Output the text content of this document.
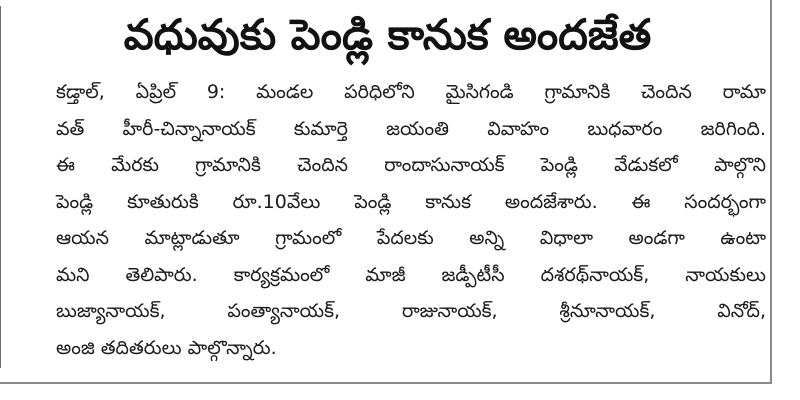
వధువుకు పెండ్లి కానుక అందజేత
కడ్తాల్, ఏప్రిల్ 9: మండల పరిధిలోని మైసిగండి గ్రామానికి చెందిన రామా
వత్ హీరీ-చిన్నానాయక్ కుమార్తె జయంతి వివాహం బుధవారం జరిగింది.
ఈ మేరకు గ్రామానికి చెందిన రాందాసునాయక్ పెండ్లి వేడుకలో పాల్గొని
పెండ్లి కూతురుకి రూ.10వేలు పెండ్లి కానుక అందజేశారు. ఈ సందర్భంగా
ఆయన మాట్లాడుతూ గ్రామంలో పేదలకు అన్ని విధాలా అండగా ఉంటా
మని తెలిపారు. కార్యక్రమంలో మాజీ జడ్పీటీసీ దశరథ్‌నాయక్, నాయకులు
బుజ్యానాయక్, పంత్యానాయక్, రాజునాయక్, శ్రీనూనాయక్, వినోద్,
అంజి తదితరులు పాల్గొన్నారు.
